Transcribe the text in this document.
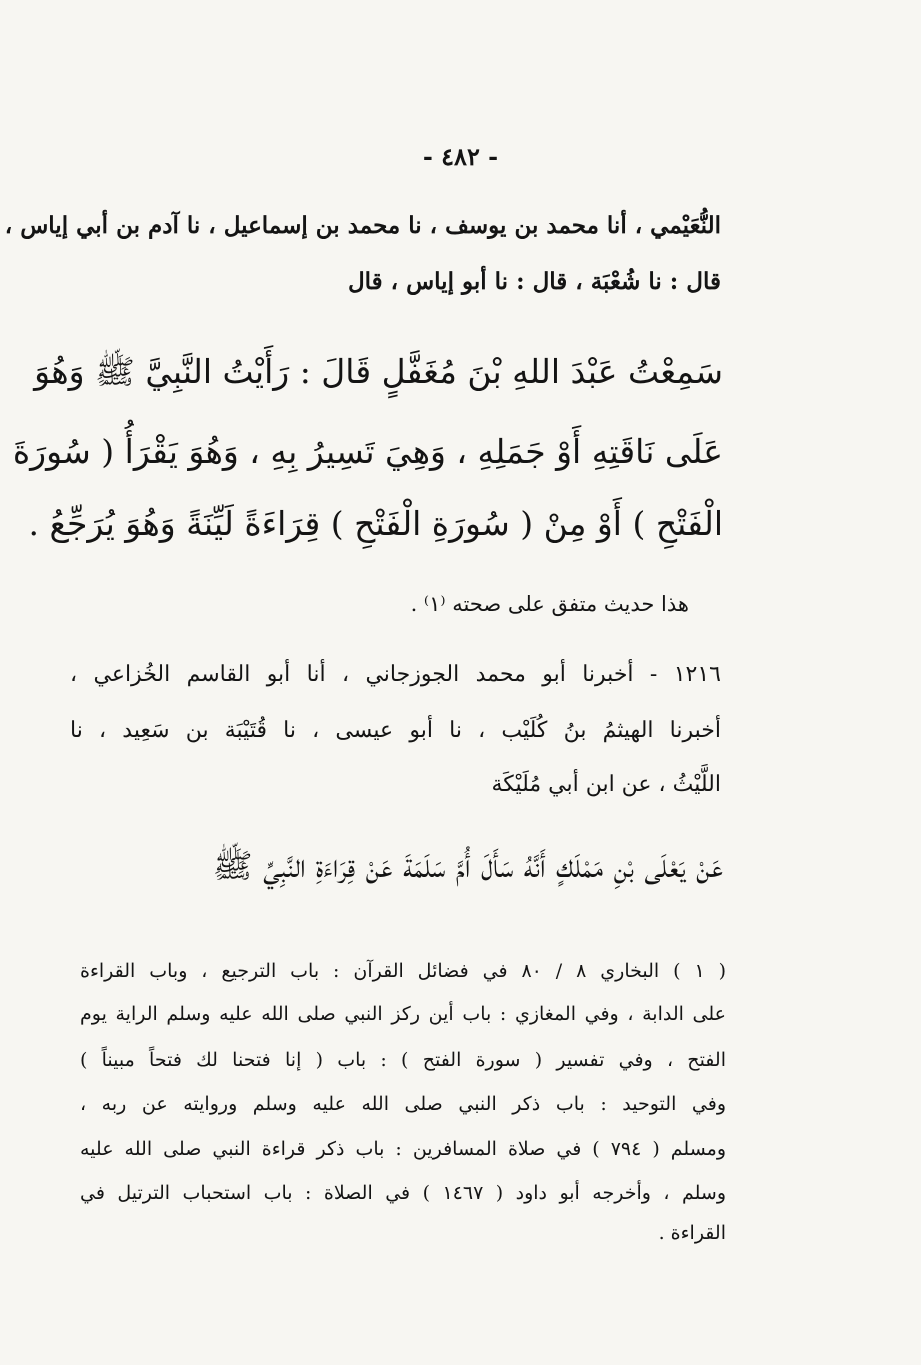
- ٤٨٢ -
النُّعَيْمي ، أنا محمد بن يوسف ، نا محمد بن إسماعيل ، نا آدم بن أبي إياس ،
قال : نا شُعْبَة ، قال : نا أبو إياس ، قال
سَمِعْتُ عَبْدَ اللهِ بْنَ مُغَفَّلٍ قَالَ : رَأَيْتُ النَّبِيَّ ﷺ وَهُوَ
عَلَى نَاقَتِهِ أَوْ جَمَلِهِ ، وَهِيَ تَسِيرُ بِهِ ، وَهُوَ يَقْرَأُ ( سُورَةَ
الْفَتْحِ ) أَوْ مِنْ ( سُورَةِ الْفَتْحِ ) قِرَاءَةً لَيِّنَةً وَهُوَ يُرَجِّعُ .
هذا حديث متفق على صحته ⁽١⁾ .
١٢١٦ - أخبرنا أبو محمد الجوزجاني ، أنا أبو القاسم الخُزاعي ،
أخبرنا الهيثمُ بنُ كُلَيْب ، نا أبو عيسى ، نا قُتَيْبَة بن سَعِيد ، نا
اللَّيْثُ ، عن ابن أبي مُلَيْكَة
عَنْ يَعْلَى بْنِ مَمْلَكٍ أَنَّهُ سَأَلَ أُمَّ سَلَمَةَ عَنْ قِرَاءَةِ النَّبِيِّ ﷺ
( ١ ) البخاري ٨ / ٨٠ في فضائل القرآن : باب الترجيع ، وباب القراءة
على الدابة ، وفي المغازي : باب أين ركز النبي صلى الله عليه وسلم الراية يوم
الفتح ، وفي تفسير ( سورة الفتح ) : باب ( إنا فتحنا لك فتحاً مبيناً )
وفي التوحيد : باب ذكر النبي صلى الله عليه وسلم وروايته عن ربه ،
ومسلم ( ٧٩٤ ) في صلاة المسافرين : باب ذكر قراءة النبي صلى الله عليه
وسلم ، وأخرجه أبو داود ( ١٤٦٧ ) في الصلاة : باب استحباب الترتيل في
القراءة .
